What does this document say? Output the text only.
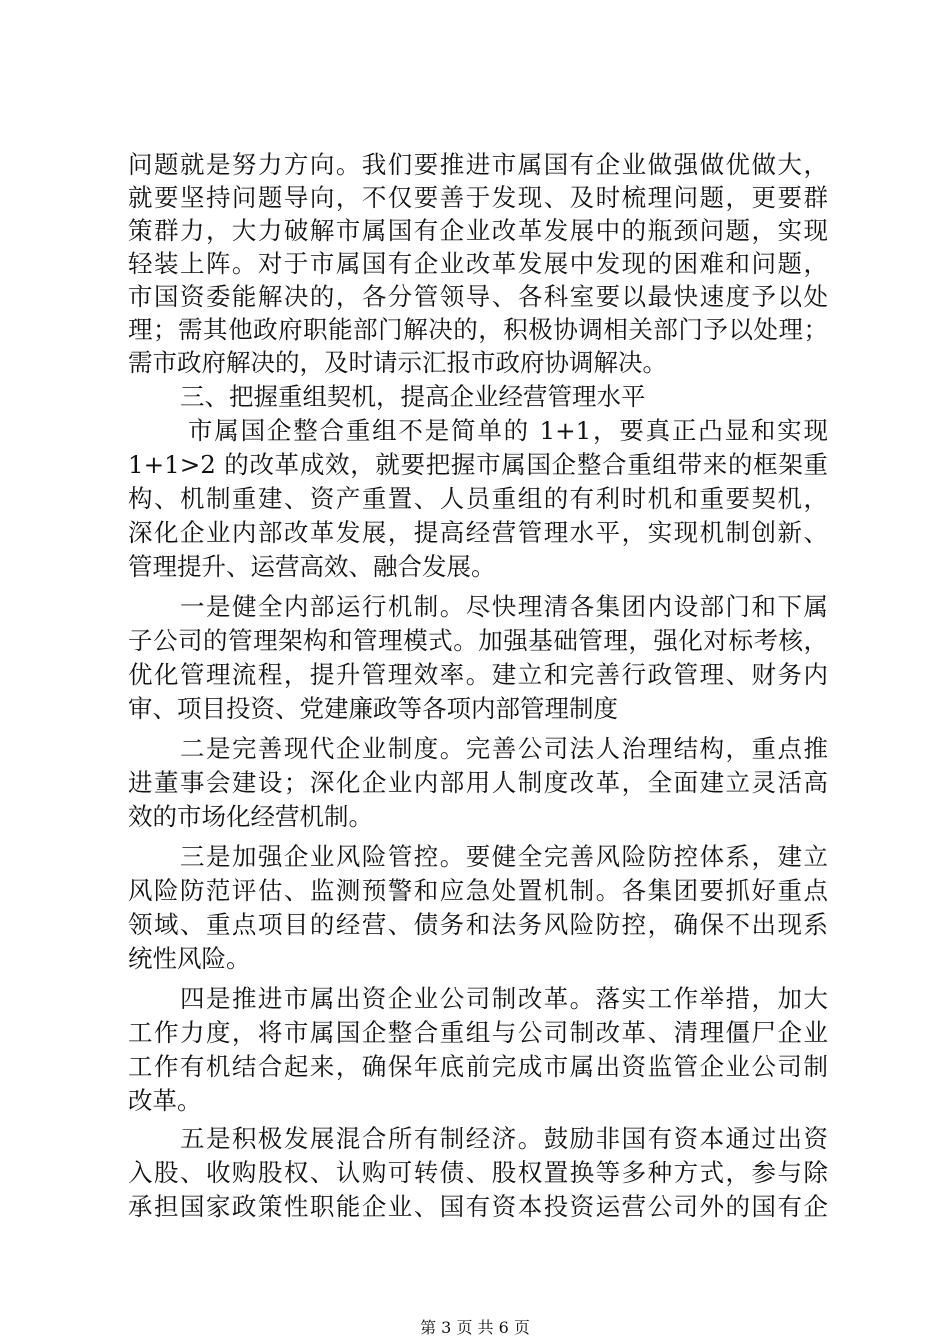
问题就是努力方向。我们要推进市属国有企业做强做优做大，
就要坚持问题导向，不仅要善于发现、及时梳理问题，更要群
策群力，大力破解市属国有企业改革发展中的瓶颈问题，实现
轻装上阵。对于市属国有企业改革发展中发现的困难和问题，
市国资委能解决的，各分管领导、各科室要以最快速度予以处
理；需其他政府职能部门解决的，积极协调相关部门予以处理；
需市政府解决的，及时请示汇报市政府协调解决。
三、把握重组契机，提高企业经营管理水平
市属国企整合重组不是简单的 1+1，要真正凸显和实现
1+1>2 的改革成效，就要把握市属国企整合重组带来的框架重
构、机制重建、资产重置、人员重组的有利时机和重要契机，
深化企业内部改革发展，提高经营管理水平，实现机制创新、
管理提升、运营高效、融合发展。
一是健全内部运行机制。尽快理清各集团内设部门和下属
子公司的管理架构和管理模式。加强基础管理，强化对标考核，
优化管理流程，提升管理效率。建立和完善行政管理、财务内
审、项目投资、党建廉政等各项内部管理制度
二是完善现代企业制度。完善公司法人治理结构，重点推
进董事会建设；深化企业内部用人制度改革，全面建立灵活高
效的市场化经营机制。
三是加强企业风险管控。要健全完善风险防控体系，建立
风险防范评估、监测预警和应急处置机制。各集团要抓好重点
领域、重点项目的经营、债务和法务风险防控，确保不出现系
统性风险。
四是推进市属出资企业公司制改革。落实工作举措，加大
工作力度，将市属国企整合重组与公司制改革、清理僵尸企业
工作有机结合起来，确保年底前完成市属出资监管企业公司制
改革。
五是积极发展混合所有制经济。鼓励非国有资本通过出资
入股、收购股权、认购可转债、股权置换等多种方式，参与除
承担国家政策性职能企业、国有资本投资运营公司外的国有企
第 3 页 共 6 页
